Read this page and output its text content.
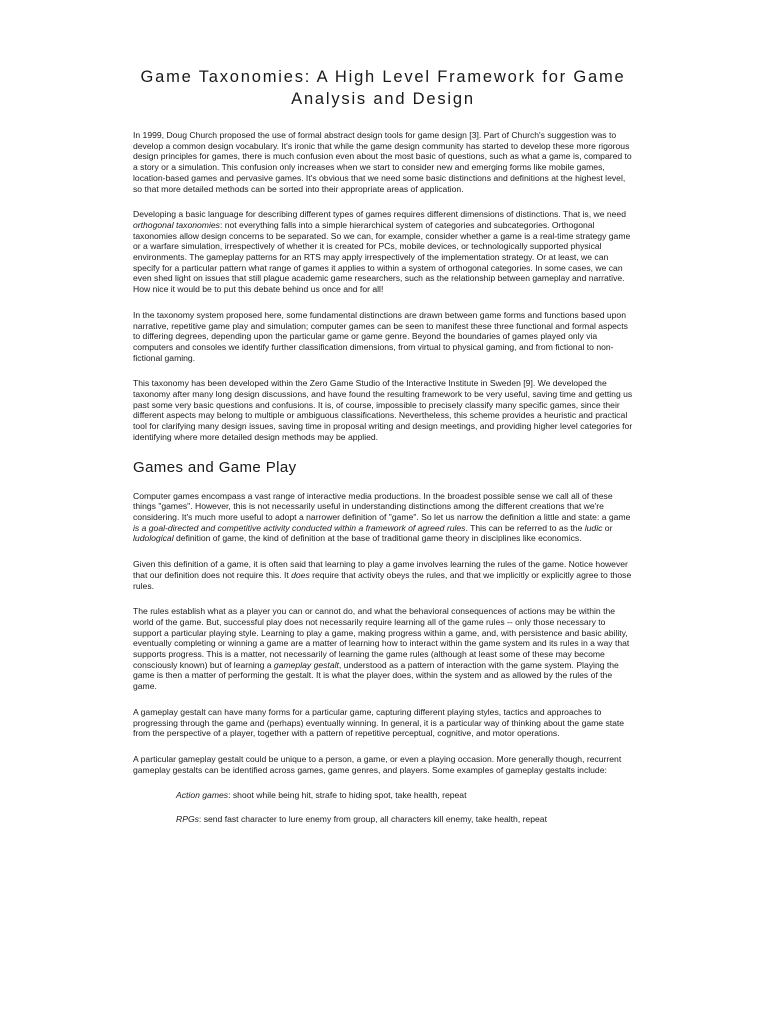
Game Taxonomies: A High Level Framework for Game
Analysis and Design

In 1999, Doug Church proposed the use of formal abstract design tools for game design [3]. Part of Church's suggestion was to develop a common design vocabulary. It's ironic that while the game design community has started to develop these more rigorous design principles for games, there is much confusion even about the most basic of questions, such as what a game is, compared to a story or a simulation. This confusion only increases when we start to consider new and emerging forms like mobile games, location-based games and pervasive games. It's obvious that we need some basic distinctions and definitions at the highest level, so that more detailed methods can be sorted into their appropriate areas of application.

Developing a basic language for describing different types of games requires different dimensions of distinctions. That is, we need orthogonal taxonomies: not everything falls into a simple hierarchical system of categories and subcategories. Orthogonal taxonomies allow design concerns to be separated. So we can, for example, consider whether a game is a real-time strategy game or a warfare simulation, irrespectively of whether it is created for PCs, mobile devices, or technologically supported physical environments. The gameplay patterns for an RTS may apply irrespectively of the implementation strategy. Or at least, we can specify for a particular pattern what range of games it applies to within a system of orthogonal categories. In some cases, we can even shed light on issues that still plague academic game researchers, such as the relationship between gameplay and narrative. How nice it would be to put this debate behind us once and for all!

In the taxonomy system proposed here, some fundamental distinctions are drawn between game forms and functions based upon narrative, repetitive game play and simulation; computer games can be seen to manifest these three functional and formal aspects to differing degrees, depending upon the particular game or game genre. Beyond the boundaries of games played only via computers and consoles we identify further classification dimensions, from virtual to physical gaming, and from fictional to non-fictional gaming.

This taxonomy has been developed within the Zero Game Studio of the Interactive Institute in Sweden [9]. We developed the taxonomy after many long design discussions, and have found the resulting framework to be very useful, saving time and getting us past some very basic questions and confusions. It is, of course, impossible to precisely classify many specific games, since their different aspects may belong to multiple or ambiguous classifications. Nevertheless, this scheme provides a heuristic and practical tool for clarifying many design issues, saving time in proposal writing and design meetings, and providing higher level categories for identifying where more detailed design methods may be applied.

Games and Game Play

Computer games encompass a vast range of interactive media productions. In the broadest possible sense we call all of these things "games". However, this is not necessarily useful in understanding distinctions among the different creations that we're considering. It's much more useful to adopt a narrower definition of "game". So let us narrow the definition a little and state: a game is a goal-directed and competitive activity conducted within a framework of agreed rules. This can be referred to as the ludic or ludological definition of game, the kind of definition at the base of traditional game theory in disciplines like economics.

Given this definition of a game, it is often said that learning to play a game involves learning the rules of the game. Notice however that our definition does not require this. It does require that activity obeys the rules, and that we implicitly or explicitly agree to those rules.

The rules establish what as a player you can or cannot do, and what the behavioral consequences of actions may be within the world of the game. But, successful play does not necessarily require learning all of the game rules -- only those necessary to support a particular playing style. Learning to play a game, making progress within a game, and, with persistence and basic ability, eventually completing or winning a game are a matter of learning how to interact within the game system and its rules in a way that supports progress. This is a matter, not necessarily of learning the game rules (although at least some of these may become consciously known) but of learning a gameplay gestalt, understood as a pattern of interaction with the game system. Playing the game is then a matter of performing the gestalt. It is what the player does, within the system and as allowed by the rules of the game.

A gameplay gestalt can have many forms for a particular game, capturing different playing styles, tactics and approaches to progressing through the game and (perhaps) eventually winning. In general, it is a particular way of thinking about the game state from the perspective of a player, together with a pattern of repetitive perceptual, cognitive, and motor operations.

A particular gameplay gestalt could be unique to a person, a game, or even a playing occasion. More generally though, recurrent gameplay gestalts can be identified across games, game genres, and players. Some examples of gameplay gestalts include:

Action games: shoot while being hit, strafe to hiding spot, take health, repeat

RPGs: send fast character to lure enemy from group, all characters kill enemy, take health, repeat
